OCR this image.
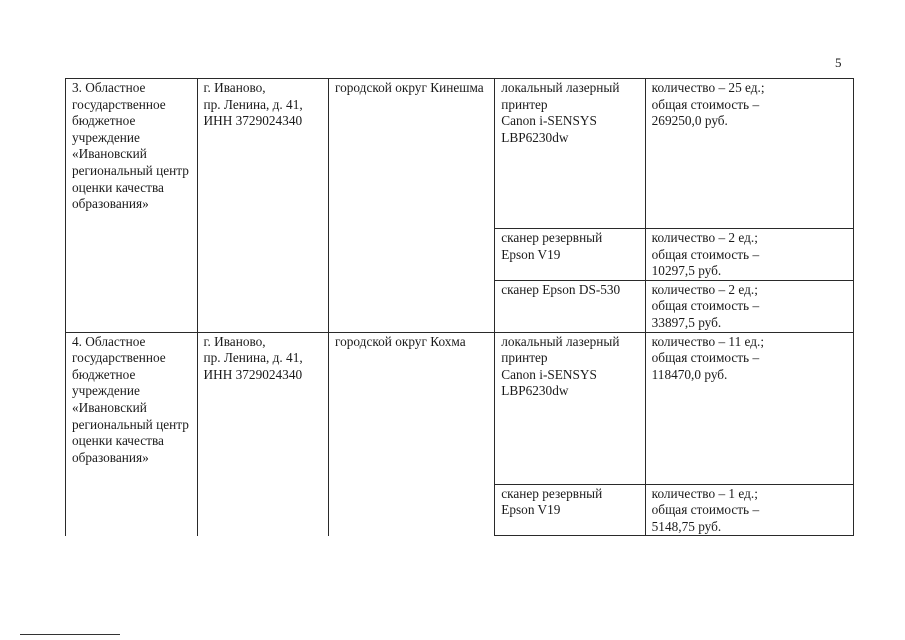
5
3. Областное государственное бюджетное учреждение «Ивановский региональный центр оценки качества образования»	г. Иваново,
пр. Ленина, д. 41,
ИНН 3729024340	городской округ Кинешма	локальный лазерный принтер
Canon i-SENSYS LBP6230dw	количество – 25 ед.;
общая стоимость –
269250,0 руб.
			сканер резервный
Epson V19	количество – 2 ед.;
общая стоимость –
10297,5 руб.
			сканер Epson DS-530	количество – 2 ед.;
общая стоимость –
33897,5 руб.
4. Областное государственное бюджетное учреждение «Ивановский региональный центр оценки качества образования»	г. Иваново,
пр. Ленина, д. 41,
ИНН 3729024340	городской округ Кохма	локальный лазерный принтер
Canon i-SENSYS LBP6230dw	количество – 11 ед.;
общая стоимость –
118470,0 руб.
			сканер резервный
Epson V19	количество – 1 ед.;
общая стоимость –
5148,75 руб.
